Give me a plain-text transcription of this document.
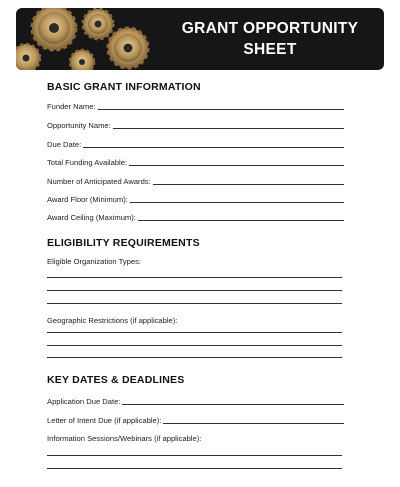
GRANT OPPORTUNITY
SHEET
BASIC GRANT INFORMATION
Funder Name:
Opportunity Name:
Due Date:
Total Funding Available:
Number of Anticipated Awards:
Award Floor (Minimum):
Award Ceiling (Maximum):
ELIGIBILITY REQUIREMENTS
Eligible Organization Types:
Geographic Restrictions (if applicable):
KEY DATES & DEADLINES
Application Due Date:
Letter of Intent Due (if applicable):
Information Sessions/Webinars (if applicable):
